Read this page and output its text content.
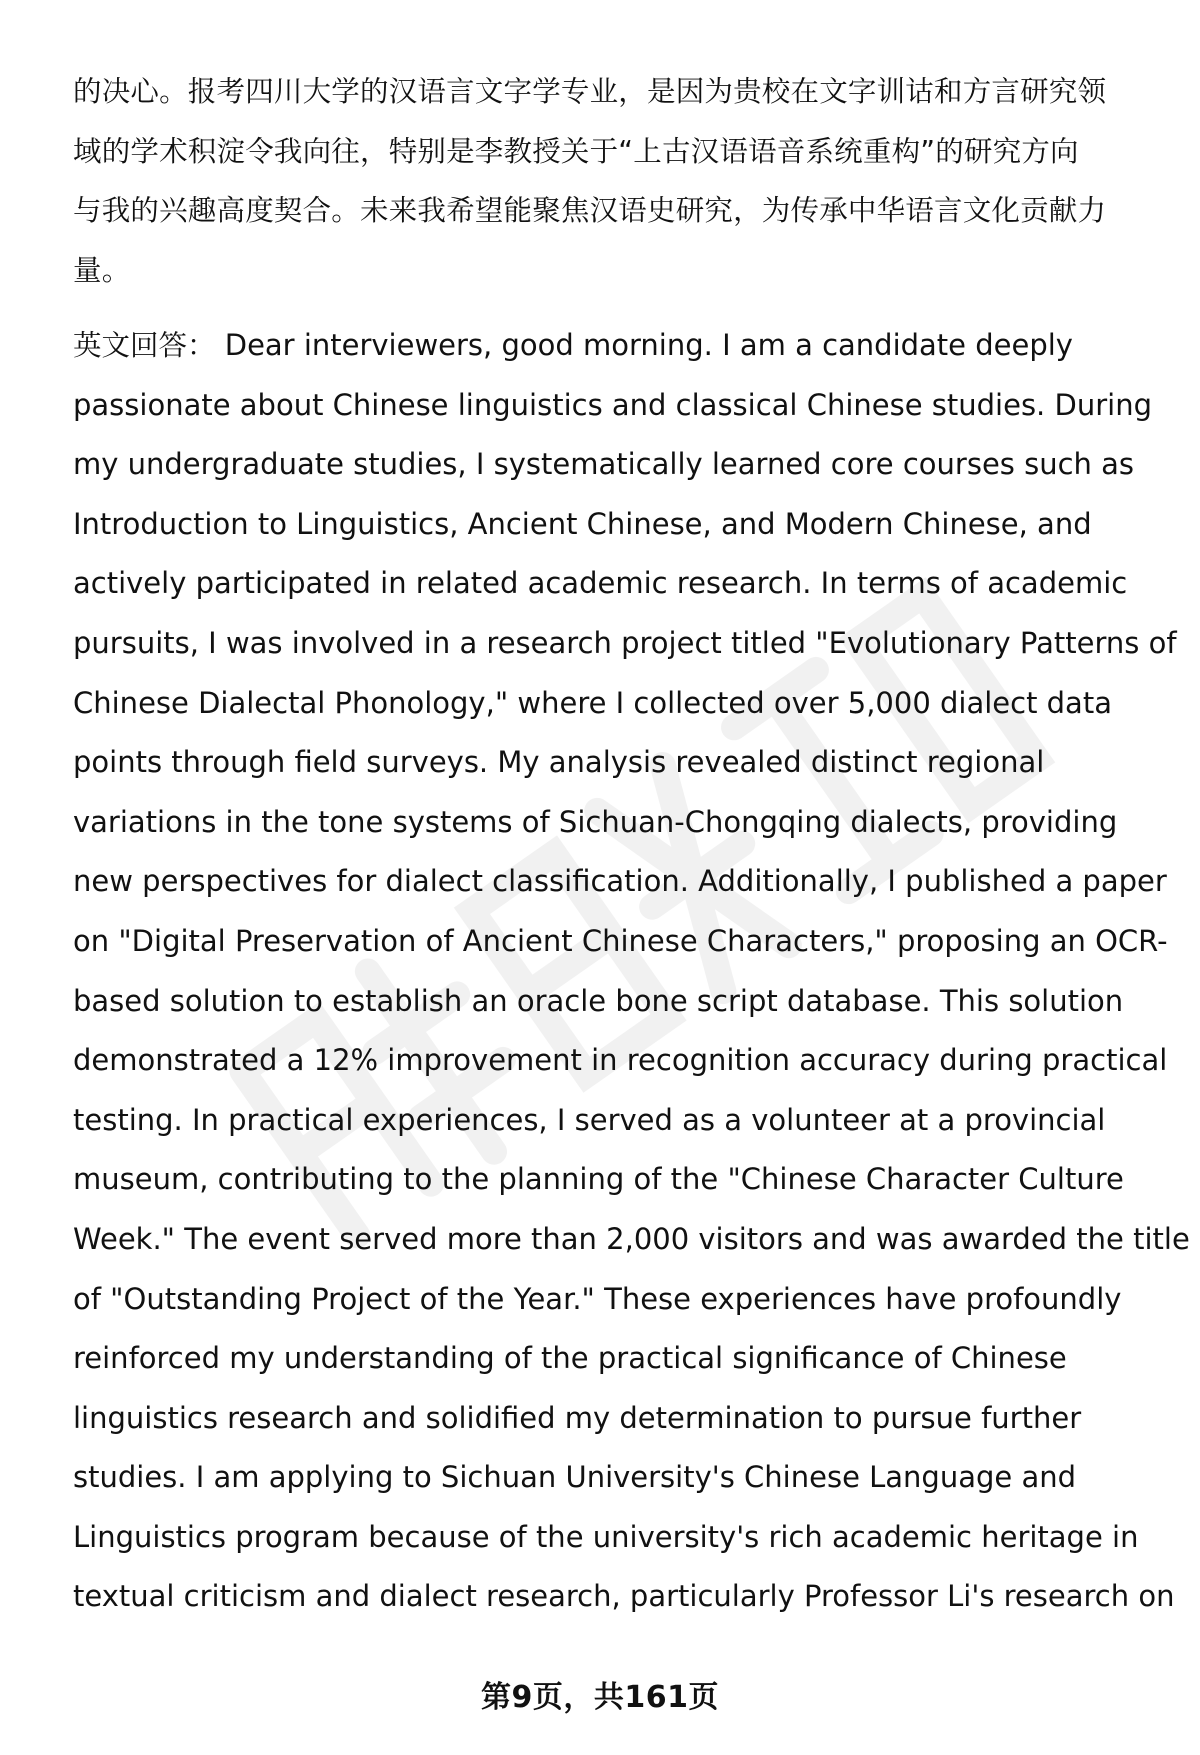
的决心。报考四川大学的汉语言文字学专业，是因为贵校在文字训诂和方言研究领
域的学术积淀令我向往，特别是李教授关于“上古汉语语音系统重构”的研究方向
与我的兴趣高度契合。未来我希望能聚焦汉语史研究，为传承中华语言文化贡献力
量。

英文回答： Dear interviewers, good morning. I am a candidate deeply
passionate about Chinese linguistics and classical Chinese studies. During
my undergraduate studies, I systematically learned core courses such as
Introduction to Linguistics, Ancient Chinese, and Modern Chinese, and
actively participated in related academic research. In terms of academic
pursuits, I was involved in a research project titled "Evolutionary Patterns of
Chinese Dialectal Phonology," where I collected over 5,000 dialect data
points through field surveys. My analysis revealed distinct regional
variations in the tone systems of Sichuan-Chongqing dialects, providing
new perspectives for dialect classification. Additionally, I published a paper
on "Digital Preservation of Ancient Chinese Characters," proposing an OCR-
based solution to establish an oracle bone script database. This solution
demonstrated a 12% improvement in recognition accuracy during practical
testing. In practical experiences, I served as a volunteer at a provincial
museum, contributing to the planning of the "Chinese Character Culture
Week." The event served more than 2,000 visitors and was awarded the title
of "Outstanding Project of the Year." These experiences have profoundly
reinforced my understanding of the practical significance of Chinese
linguistics research and solidified my determination to pursue further
studies. I am applying to Sichuan University's Chinese Language and
Linguistics program because of the university's rich academic heritage in
textual criticism and dialect research, particularly Professor Li's research on
第9页，共161页
